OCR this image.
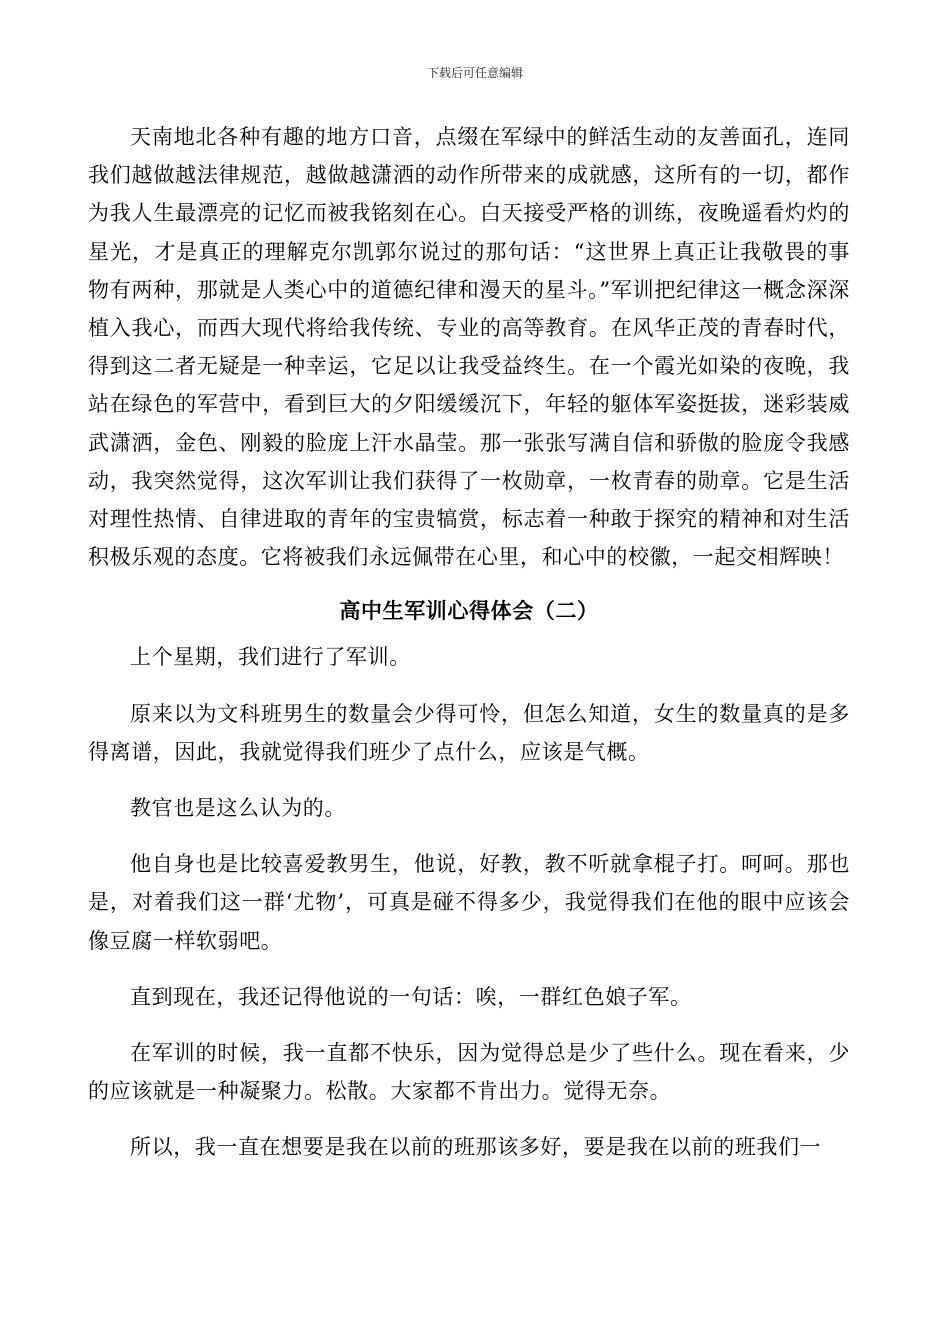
下载后可任意编辑

天南地北各种有趣的地方口音，点缀在军绿中的鲜活生动的友善面孔，连同我们越做越法律规范，越做越潇洒的动作所带来的成就感，这所有的一切，都作为我人生最漂亮的记忆而被我铭刻在心。白天接受严格的训练，夜晚遥看灼灼的星光，才是真正的理解克尔凯郭尔说过的那句话：“这世界上真正让我敬畏的事物有两种，那就是人类心中的道德纪律和漫天的星斗。”军训把纪律这一概念深深植入我心，而西大现代将给我传统、专业的高等教育。在风华正茂的青春时代，得到这二者无疑是一种幸运，它足以让我受益终生。在一个霞光如染的夜晚，我站在绿色的军营中，看到巨大的夕阳缓缓沉下，年轻的躯体军姿挺拔，迷彩装威武潇洒，金色、刚毅的脸庞上汗水晶莹。那一张张写满自信和骄傲的脸庞令我感动，我突然觉得，这次军训让我们获得了一枚勋章，一枚青春的勋章。它是生活对理性热情、自律进取的青年的宝贵犒赏，标志着一种敢于探究的精神和对生活积极乐观的态度。它将被我们永远佩带在心里，和心中的校徽，一起交相辉映！

高中生军训心得体会（二）

上个星期，我们进行了军训。

原来以为文科班男生的数量会少得可怜，但怎么知道，女生的数量真的是多得离谱，因此，我就觉得我们班少了点什么，应该是气概。

教官也是这么认为的。

他自身也是比较喜爱教男生，他说，好教，教不听就拿棍子打。呵呵。那也是，对着我们这一群‘尤物’，可真是碰不得多少，我觉得我们在他的眼中应该会像豆腐一样软弱吧。

直到现在，我还记得他说的一句话：唉，一群红色娘子军。

在军训的时候，我一直都不快乐，因为觉得总是少了些什么。现在看来，少的应该就是一种凝聚力。松散。大家都不肯出力。觉得无奈。

所以，我一直在想要是我在以前的班那该多好，要是我在以前的班我们一
